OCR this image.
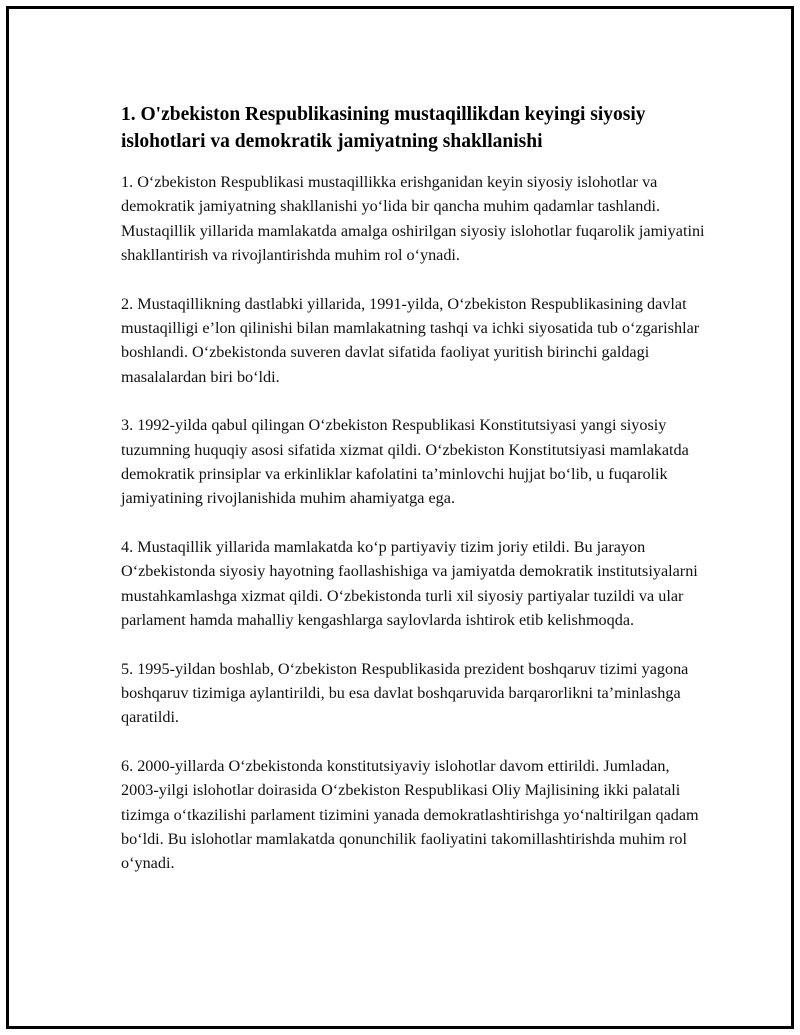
1. O'zbekiston Respublikasining mustaqillikdan keyingi siyosiy islohotlari va demokratik jamiyatning shakllanishi

1. O‘zbekiston Respublikasi mustaqillikka erishganidan keyin siyosiy islohotlar va demokratik jamiyatning shakllanishi yo‘lida bir qancha muhim qadamlar tashlandi. Mustaqillik yillarida mamlakatda amalga oshirilgan siyosiy islohotlar fuqarolik jamiyatini shakllantirish va rivojlantirishda muhim rol o‘ynadi.

2. Mustaqillikning dastlabki yillarida, 1991-yilda, O‘zbekiston Respublikasining davlat mustaqilligi e’lon qilinishi bilan mamlakatning tashqi va ichki siyosatida tub o‘zgarishlar boshlandi. O‘zbekistonda suveren davlat sifatida faoliyat yuritish birinchi galdagi masalalardan biri bo‘ldi.

3. 1992-yilda qabul qilingan O‘zbekiston Respublikasi Konstitutsiyasi yangi siyosiy tuzumning huquqiy asosi sifatida xizmat qildi. O‘zbekiston Konstitutsiyasi mamlakatda demokratik prinsiplar va erkinliklar kafolatini ta’minlovchi hujjat bo‘lib, u fuqarolik jamiyatining rivojlanishida muhim ahamiyatga ega.

4. Mustaqillik yillarida mamlakatda ko‘p partiyaviy tizim joriy etildi. Bu jarayon O‘zbekistonda siyosiy hayotning faollashishiga va jamiyatda demokratik institutsiyalarni mustahkamlashga xizmat qildi. O‘zbekistonda turli xil siyosiy partiyalar tuzildi va ular parlament hamda mahalliy kengashlarga saylovlarda ishtirok etib kelishmoqda.

5. 1995-yildan boshlab, O‘zbekiston Respublikasida prezident boshqaruv tizimi yagona boshqaruv tizimiga aylantirildi, bu esa davlat boshqaruvida barqarorlikni ta’minlashga qaratildi.

6. 2000-yillarda O‘zbekistonda konstitutsiyaviy islohotlar davom ettirildi. Jumladan, 2003-yilgi islohotlar doirasida O‘zbekiston Respublikasi Oliy Majlisining ikki palatali tizimga o‘tkazilishi parlament tizimini yanada demokratlashtirishga yo‘naltirilgan qadam bo‘ldi. Bu islohotlar mamlakatda qonunchilik faoliyatini takomillashtirishda muhim rol o‘ynadi.
